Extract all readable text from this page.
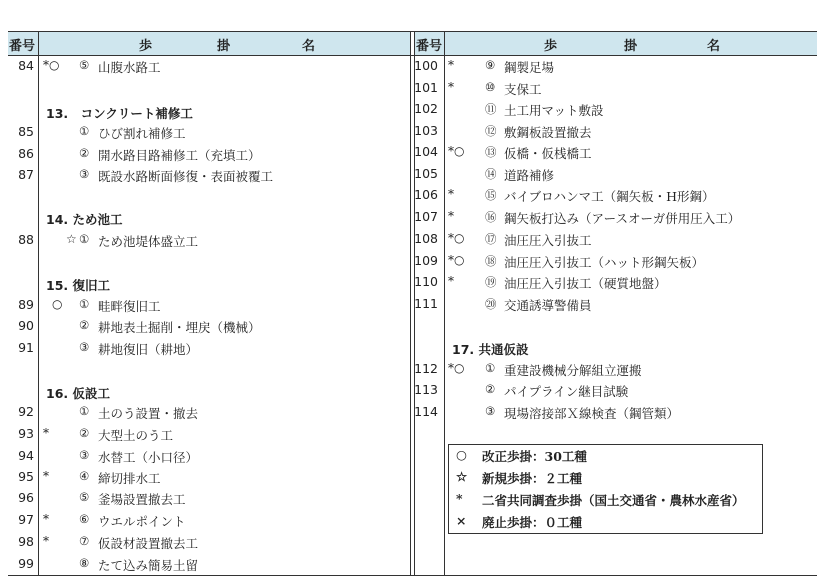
番号	歩	掛	名	番号	歩	掛	名
84 *○ ⑤ 山腹水路工
13.　コンクリート補修工
85	① ひび割れ補修工
86	② 開水路目路補修工（充填工）
87	③ 既設水路断面修復・表面被覆工
14. ため池工
88	☆ ① ため池堤体盛立工
15. 復旧工
89 ○ ① 畦畔復旧工
90	② 耕地表土掘削・埋戻（機械）
91	③ 耕地復旧（耕地）
16. 仮設工
92	① 土のう設置・撤去
93 *	② 大型土のう工
94	③ 水替工（小口径）
95 *	④ 締切排水工
96	⑤ 釜場設置撤去工
97 *	⑥ ウエルポイント
98 *	⑦ 仮設材設置撤去工
99	⑧ たて込み簡易土留
100 *	⑨ 鋼製足場
101 *	⑩ 支保工
102	⑪ 土工用マット敷設
103	⑫ 敷鋼板設置撤去
104 *○ ⑬ 仮橋・仮桟橋工
105	⑭ 道路補修
106 *	⑮ バイブロハンマ工（鋼矢板・H形鋼）
107 *	⑯ 鋼矢板打込み（アースオーガ併用圧入工）
108 *○ ⑰ 油圧圧入引抜工
109 *○ ⑱ 油圧圧入引抜工（ハット形鋼矢板）
110 *	⑲ 油圧圧入引抜工（硬質地盤）
111	⑳ 交通誘導警備員
17. 共通仮設
112 *○ ① 重建設機械分解組立運搬
113	② パイプライン継目試験
114	③ 現場溶接部Ｘ線検査（鋼管類）
○ 改正歩掛：30工種
☆ 新規歩掛：２工種
* 二省共同調査歩掛（国土交通省・農林水産省）
× 廃止歩掛：０工種
